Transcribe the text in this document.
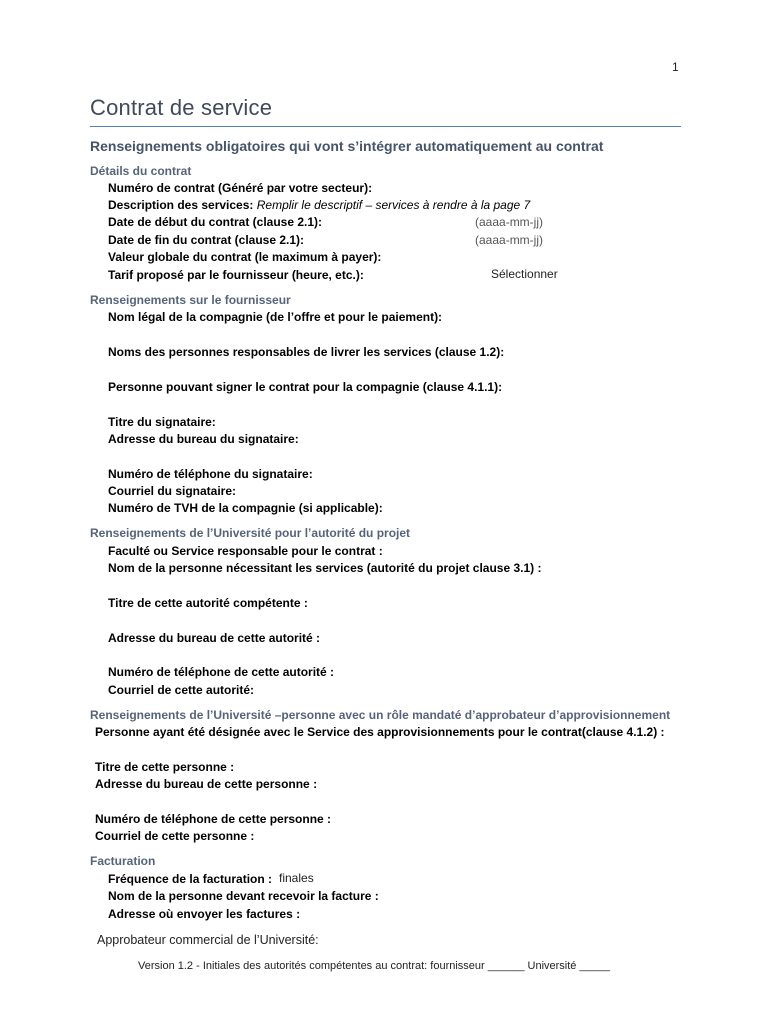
1
Contrat de service
Renseignements obligatoires qui vont s’intégrer automatiquement au contrat
Détails du contrat
Numéro de contrat (Généré par votre secteur):
Description des services: Remplir le descriptif – services à rendre à la page 7
Date de début du contrat (clause 2.1):	(aaaa-mm-jj)
Date de fin du contrat (clause 2.1):	(aaaa-mm-jj)
Valeur globale du contrat (le maximum à payer):
Tarif proposé par le fournisseur (heure, etc.):	Sélectionner
Renseignements sur le fournisseur
Nom légal de la compagnie (de l’offre et pour le paiement):
Noms des personnes responsables de livrer les services (clause 1.2):
Personne pouvant signer le contrat pour la compagnie (clause 4.1.1):
Titre du signataire:
Adresse du bureau du signataire:
Numéro de téléphone du signataire:
Courriel du signataire:
Numéro de TVH de la compagnie (si applicable):
Renseignements de l’Université pour l’autorité du projet
Faculté ou Service responsable pour le contrat :
Nom de la personne nécessitant les services (autorité du projet clause 3.1) :
Titre de cette autorité compétente :
Adresse du bureau de cette autorité :
Numéro de téléphone de cette autorité :
Courriel de cette autorité:
Renseignements de l’Université –personne avec un rôle mandaté d’approbateur d’approvisionnement
Personne ayant été désignée avec le Service des approvisionnements pour le contrat(clause 4.1.2) :
Titre de cette personne :
Adresse du bureau de cette personne :
Numéro de téléphone de cette personne :
Courriel de cette personne :
Facturation
Fréquence de la facturation : finales
Nom de la personne devant recevoir la facture :
Adresse où envoyer les factures :
Approbateur commercial de l’Université:
Version 1.2 - Initiales des autorités compétentes au contrat: fournisseur ______ Université _____
